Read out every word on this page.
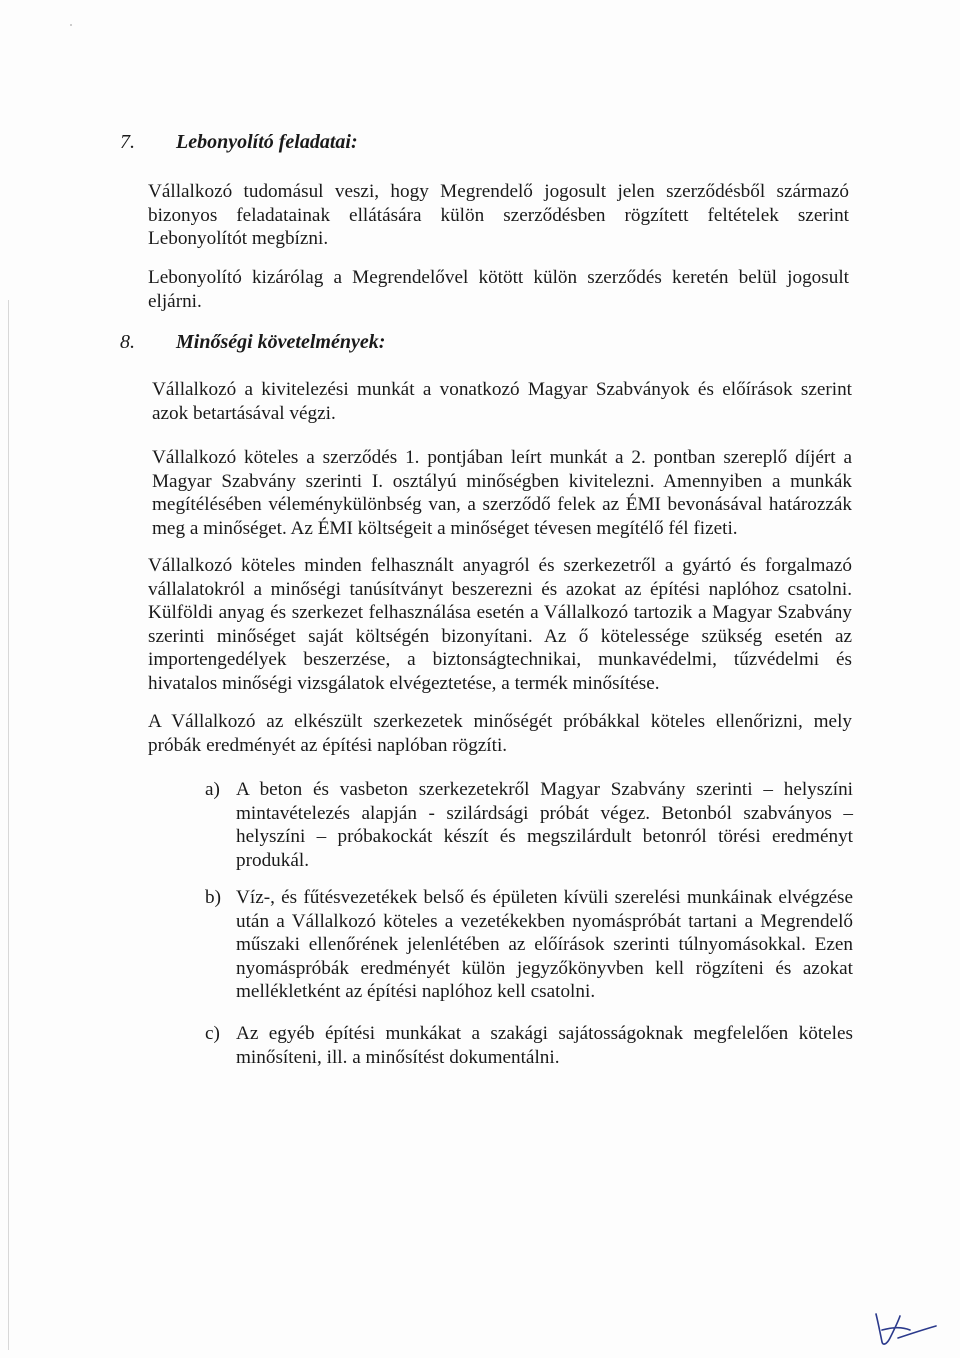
7. Lebonyolító feladatai:
Vállalkozó tudomásul veszi, hogy Megrendelő jogosult jelen szerződésből származó bizonyos feladatainak ellátására külön szerződésben rögzített feltételek szerint Lebonyolítót megbízni.
Lebonyolító kizárólag a Megrendelővel kötött külön szerződés keretén belül jogosult eljárni.
8. Minőségi követelmények:
Vállalkozó a kivitelezési munkát a vonatkozó Magyar Szabványok és előírások szerint azok betartásával végzi.
Vállalkozó köteles a szerződés 1. pontjában leírt munkát a 2. pontban szereplő díjért a Magyar Szabvány szerinti I. osztályú minőségben kivitelezni. Amennyiben a munkák megítélésében véleménykülönbség van, a szerződő felek az ÉMI bevonásával határozzák meg a minőséget. Az ÉMI költségeit a minőséget tévesen megítélő fél fizeti.
Vállalkozó köteles minden felhasznált anyagról és szerkezetről a gyártó és forgalmazó vállalatokról a minőségi tanúsítványt beszerezni és azokat az építési naplóhoz csatolni. Külföldi anyag és szerkezet felhasználása esetén a Vállalkozó tartozik a Magyar Szabvány szerinti minőséget saját költségén bizonyítani. Az ő kötelessége szükség esetén az importengedélyek beszerzése, a biztonságtechnikai, munkavédelmi, tűzvédelmi és hivatalos minőségi vizsgálatok elvégeztetése, a termék minősítése.
A Vállalkozó az elkészült szerkezetek minőségét próbákkal köteles ellenőrizni, mely próbák eredményét az építési naplóban rögzíti.
a) A beton és vasbeton szerkezetekről Magyar Szabvány szerinti – helyszíni mintavételezés alapján - szilárdsági próbát végez. Betonból szabványos – helyszíni – próbakockát készít és megszilárdult betonról törési eredményt produkál.
b) Víz-, és fűtésvezetékek belső és épületen kívüli szerelési munkáinak elvégzése után a Vállalkozó köteles a vezetékekben nyomáspróbát tartani a Megrendelő műszaki ellenőrének jelenlétében az előírások szerinti túlnyomásokkal. Ezen nyomáspróbák eredményét külön jegyzőkönyvben kell rögzíteni és azokat mellékletként az építési naplóhoz kell csatolni.
c) Az egyéb építési munkákat a szakági sajátosságoknak megfelelően köteles minősíteni, ill. a minősítést dokumentálni.
